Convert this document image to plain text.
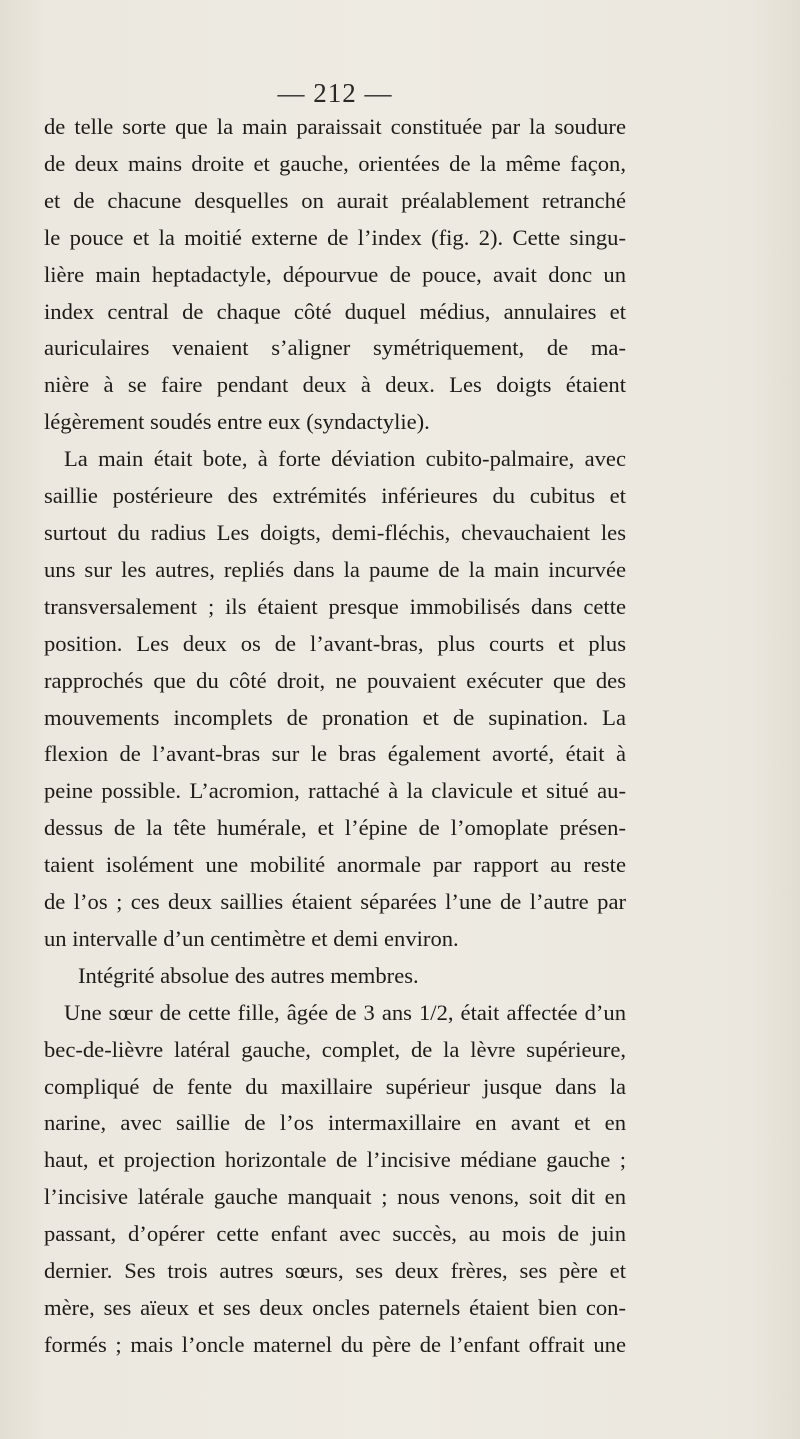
— 212 —
de telle sorte que la main paraissait constituée par la soudure
de deux mains droite et gauche, orientées de la même façon,
et de chacune desquelles on aurait préalablement retranché
le pouce et la moitié externe de l’index (fig. 2). Cette singu-
lière main heptadactyle, dépourvue de pouce, avait donc un
index central de chaque côté duquel médius, annulaires et
auriculaires venaient s’aligner symétriquement, de ma-
nière à se faire pendant deux à deux. Les doigts étaient
légèrement soudés entre eux (syndactylie).
La main était bote, à forte déviation cubito-palmaire, avec
saillie postérieure des extrémités inférieures du cubitus et
surtout du radius Les doigts, demi-fléchis, chevauchaient les
uns sur les autres, repliés dans la paume de la main incurvée
transversalement ; ils étaient presque immobilisés dans cette
position. Les deux os de l’avant-bras, plus courts et plus
rapprochés que du côté droit, ne pouvaient exécuter que des
mouvements incomplets de pronation et de supination. La
flexion de l’avant-bras sur le bras également avorté, était à
peine possible. L’acromion, rattaché à la clavicule et situé au-
dessus de la tête humérale, et l’épine de l’omoplate présen-
taient isolément une mobilité anormale par rapport au reste
de l’os ; ces deux saillies étaient séparées l’une de l’autre par
un intervalle d’un centimètre et demi environ.
Intégrité absolue des autres membres.
Une sœur de cette fille, âgée de 3 ans 1/2, était affectée d’un
bec-de-lièvre latéral gauche, complet, de la lèvre supérieure,
compliqué de fente du maxillaire supérieur jusque dans la
narine, avec saillie de l’os intermaxillaire en avant et en
haut, et projection horizontale de l’incisive médiane gauche ;
l’incisive latérale gauche manquait ; nous venons, soit dit en
passant, d’opérer cette enfant avec succès, au mois de juin
dernier. Ses trois autres sœurs, ses deux frères, ses père et
mère, ses aïeux et ses deux oncles paternels étaient bien con-
formés ; mais l’oncle maternel du père de l’enfant offrait une
